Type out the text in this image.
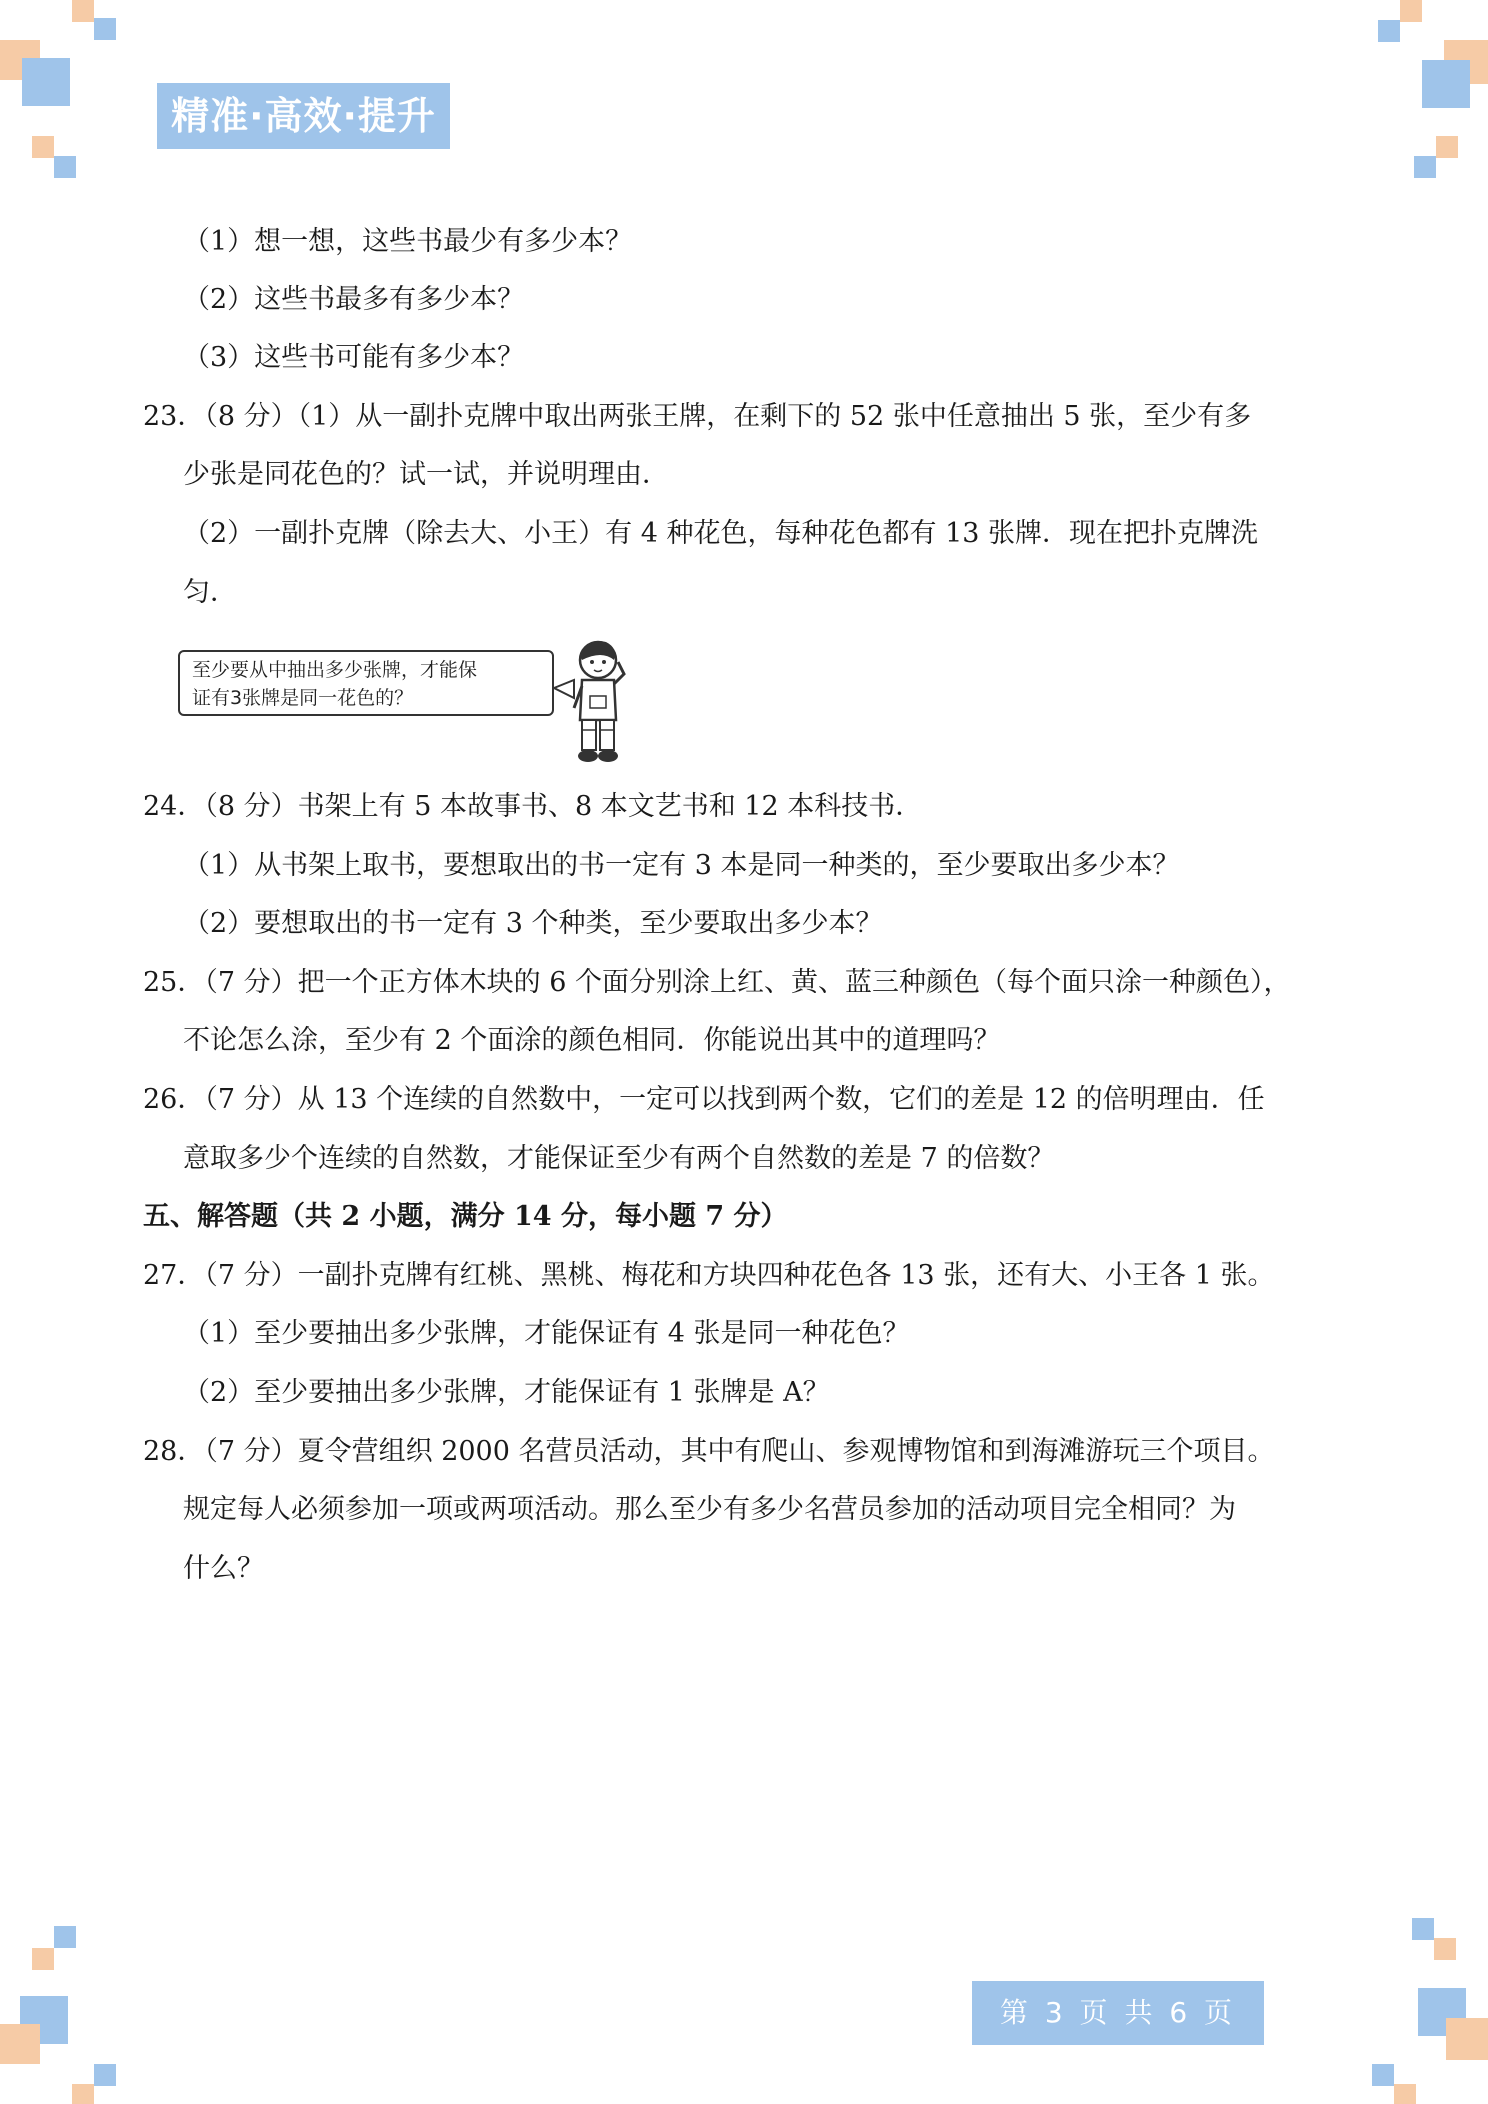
精准·高效·提升

（1）想一想，这些书最少有多少本？

（2）这些书最多有多少本？

（3）这些书可能有多少本？

23．（8 分）（1）从一副扑克牌中取出两张王牌，在剩下的 52 张中任意抽出 5 张，至少有多

少张是同花色的？试一试，并说明理由．

（2）一副扑克牌（除去大、小王）有 4 种花色，每种花色都有 13 张牌．现在把扑克牌洗

匀．

至少要从中抽出多少张牌，才能保
证有3张牌是同一花色的？

24．（8 分）书架上有 5 本故事书、8 本文艺书和 12 本科技书．

（1）从书架上取书，要想取出的书一定有 3 本是同一种类的，至少要取出多少本？

（2）要想取出的书一定有 3 个种类，至少要取出多少本？

25．（7 分）把一个正方体木块的 6 个面分别涂上红、黄、蓝三种颜色（每个面只涂一种颜色），

不论怎么涂，至少有 2 个面涂的颜色相同．你能说出其中的道理吗？

26．（7 分）从 13 个连续的自然数中，一定可以找到两个数，它们的差是 12 的倍明理由．任

意取多少个连续的自然数，才能保证至少有两个自然数的差是 7 的倍数？

五、解答题（共 2 小题，满分 14 分，每小题 7 分）

27．（7 分）一副扑克牌有红桃、黑桃、梅花和方块四种花色各 13 张，还有大、小王各 1 张。

（1）至少要抽出多少张牌，才能保证有 4 张是同一种花色？

（2）至少要抽出多少张牌，才能保证有 1 张牌是 A？

28．（7 分）夏令营组织 2000 名营员活动，其中有爬山、参观博物馆和到海滩游玩三个项目。

规定每人必须参加一项或两项活动。那么至少有多少名营员参加的活动项目完全相同？为

什么？

第 3 页 共 6 页
